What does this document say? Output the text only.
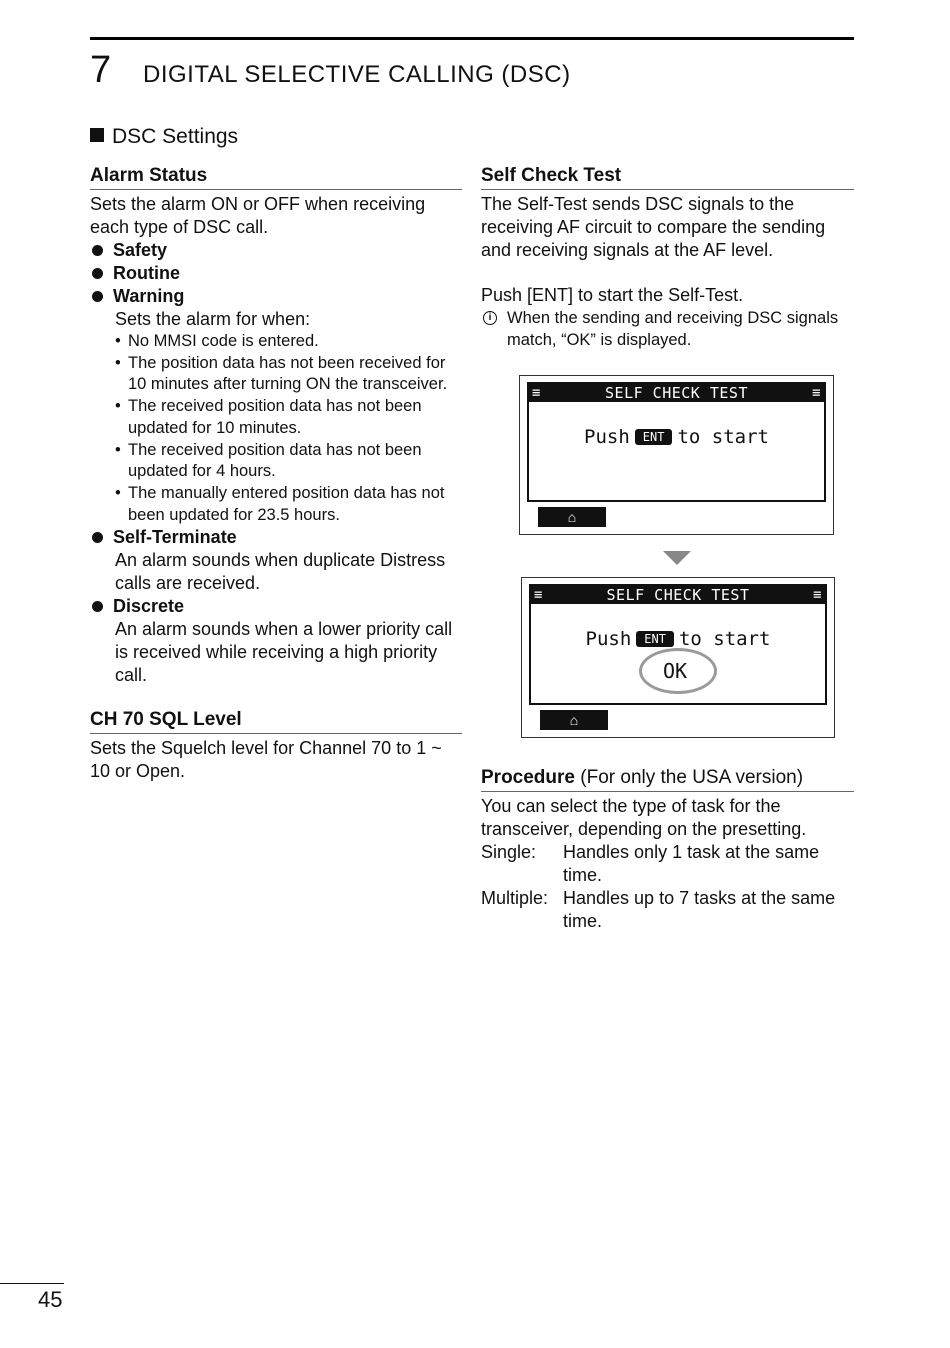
7 DIGITAL SELECTIVE CALLING (DSC)
DSC Settings
Alarm Status
Sets the alarm ON or OFF when receiving each type of DSC call.
Safety
Routine
Warning
Sets the alarm for when:
• No MMSI code is entered.
• The position data has not been received for 10 minutes after turning ON the transceiver.
• The received position data has not been updated for 10 minutes.
• The received position data has not been updated for 4 hours.
• The manually entered position data has not been updated for 23.5 hours.
Self-Terminate
An alarm sounds when duplicate Distress calls are received.
Discrete
An alarm sounds when a lower priority call is received while receiving a high priority call.
CH 70 SQL Level
Sets the Squelch level for Channel 70 to 1 ~ 10 or Open.
Self Check Test
The Self-Test sends DSC signals to the receiving AF circuit to compare the sending and receiving signals at the AF level.
Push [ENT] to start the Self-Test.
i When the sending and receiving DSC signals match, “OK” is displayed.
≡	SELF CHECK TEST	≡
Push ENT to start
⌂
≡	SELF CHECK TEST	≡
Push ENT to start
OK
⌂
Procedure (For only the USA version)
You can select the type of task for the transceiver, depending on the presetting.
Single:	Handles only 1 task at the same time.
Multiple: Handles up to 7 tasks at the same time.
45
